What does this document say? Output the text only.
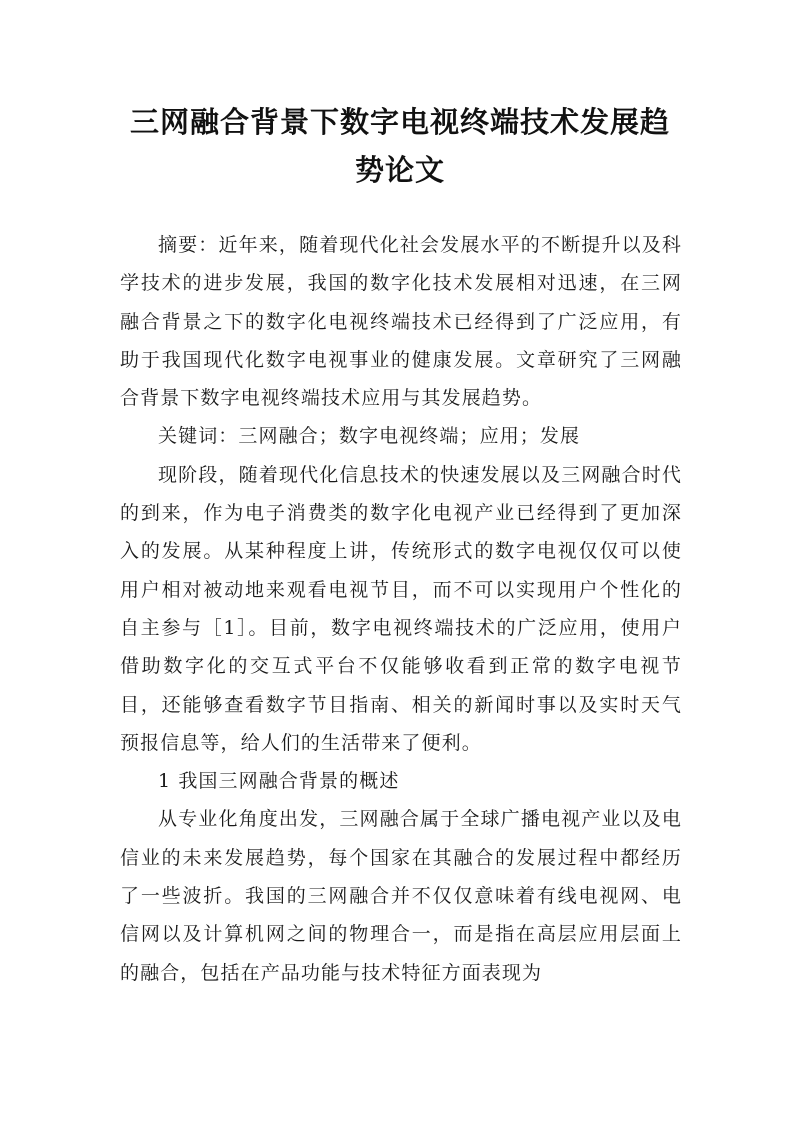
三网融合背景下数字电视终端技术发展趋
势论文

摘要：近年来，随着现代化社会发展水平的不断提升以及科学技术的进步发展，我国的数字化技术发展相对迅速，在三网融合背景之下的数字化电视终端技术已经得到了广泛应用，有助于我国现代化数字电视事业的健康发展。文章研究了三网融合背景下数字电视终端技术应用与其发展趋势。

关键词：三网融合；数字电视终端；应用；发展

现阶段，随着现代化信息技术的快速发展以及三网融合时代的到来，作为电子消费类的数字化电视产业已经得到了更加深入的发展。从某种程度上讲，传统形式的数字电视仅仅可以使用户相对被动地来观看电视节目，而不可以实现用户个性化的自主参与［1］。目前，数字电视终端技术的广泛应用，使用户借助数字化的交互式平台不仅能够收看到正常的数字电视节目，还能够查看数字节目指南、相关的新闻时事以及实时天气预报信息等，给人们的生活带来了便利。

1 我国三网融合背景的概述

从专业化角度出发，三网融合属于全球广播电视产业以及电信业的未来发展趋势，每个国家在其融合的发展过程中都经历了一些波折。我国的三网融合并不仅仅意味着有线电视网、电信网以及计算机网之间的物理合一，而是指在高层应用层面上的融合，包括在产品功能与技术特征方面表现为
